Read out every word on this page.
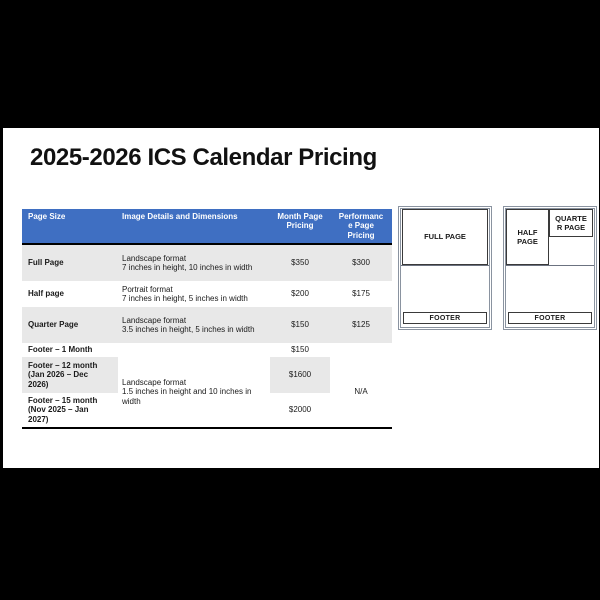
2025-2026 ICS Calendar Pricing
Page Size	Image Details and Dimensions	Month Page Pricing	Performance Page Pricing
Full Page	Landscape format
7 inches in height, 10 inches in width	$350	$300
Half page	Portrait format
7 inches in height, 5 inches in width	$200	$175
Quarter Page	Landscape format
3.5 inches in height, 5 inches in width	$150	$125
Footer – 1 Month		$150	
Footer – 12 month (Jan 2026 – Dec 2026)	Landscape format
1.5 inches in height and 10 inches in width	$1600	N/A
Footer – 15 month (Nov 2025 – Jan 2027)		$2000	
FULL PAGE
FOOTER
HALF PAGE
QUARTE
R PAGE
FOOTER
